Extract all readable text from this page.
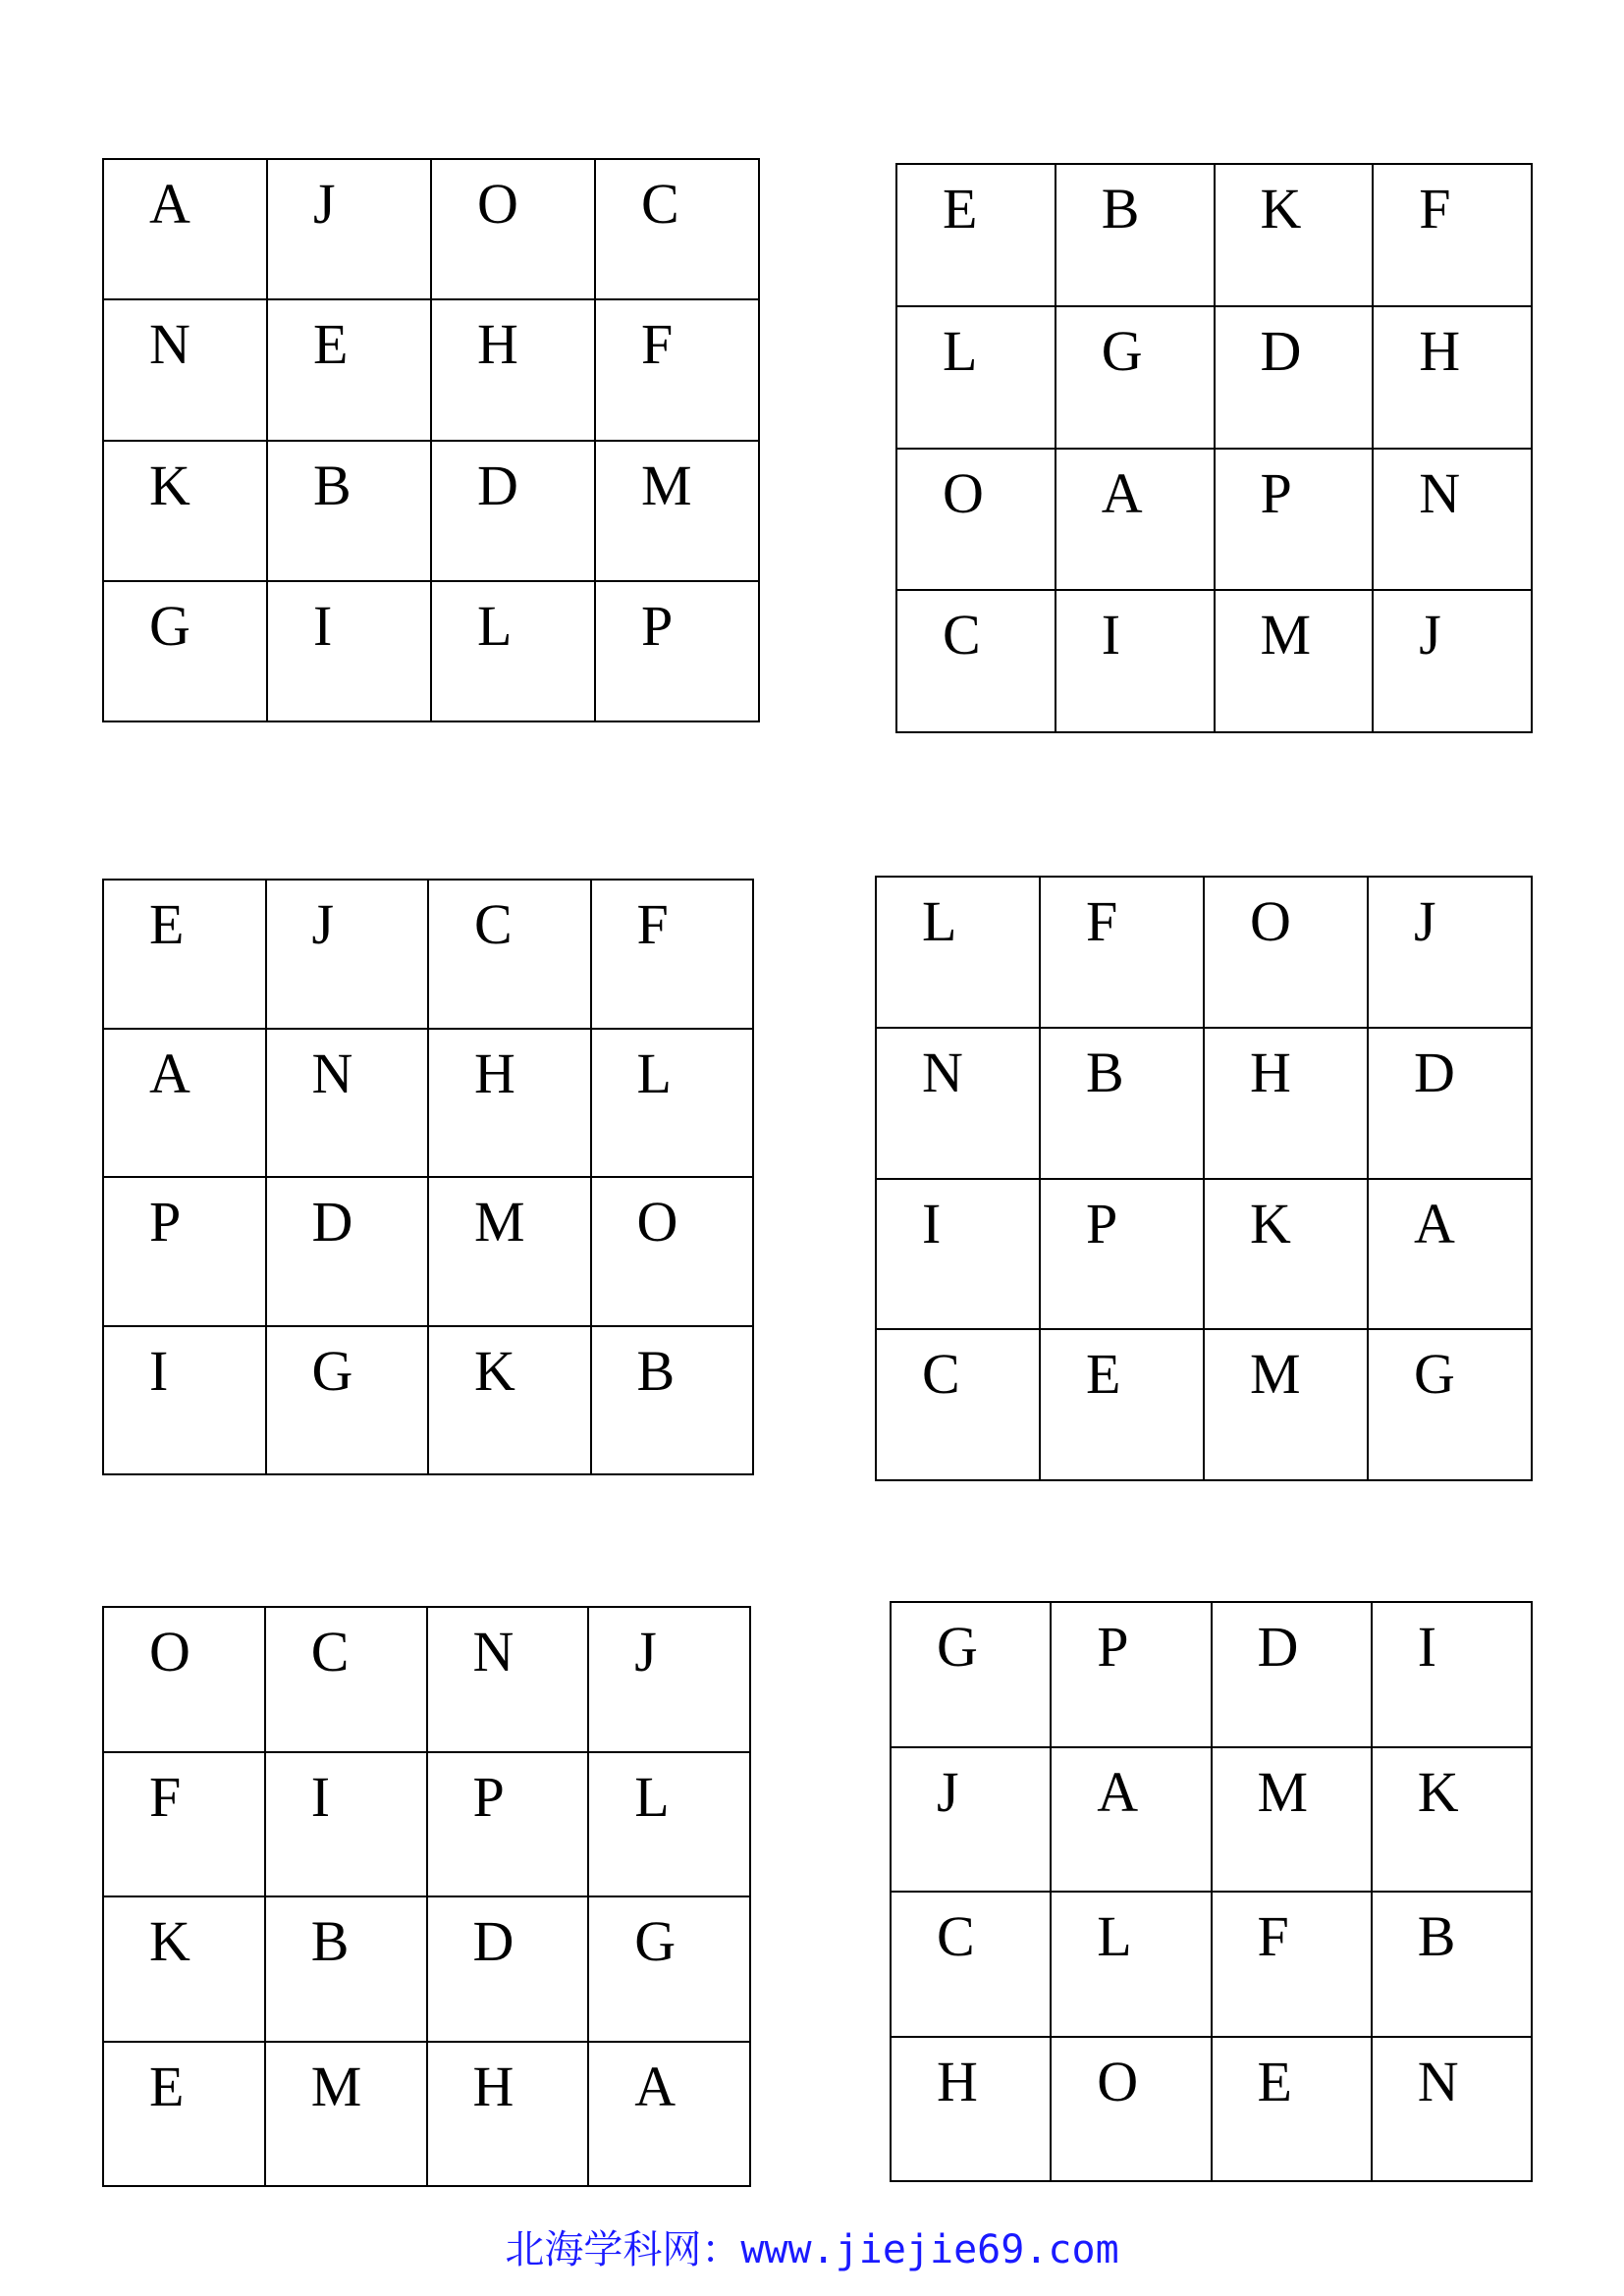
A	J	O	C

N	E	H	F

K	B	D	M

G	I	L	P
E	B	K	F

L	G	D	H

O	A	P	N

C	I	M	J
E	J	C	F

A	N	H	L

P	D	M	O

I	G	K	B
L	F	O	J

N	B	H	D

I	P	K	A

C	E	M	G
O	C	N	J

F	I	P	L

K	B	D	G

E	M	H	A
G	P	D	I

J	A	M	K

C	L	F	B

H	O	E	N
北海学科网：www.jiejie69.com
